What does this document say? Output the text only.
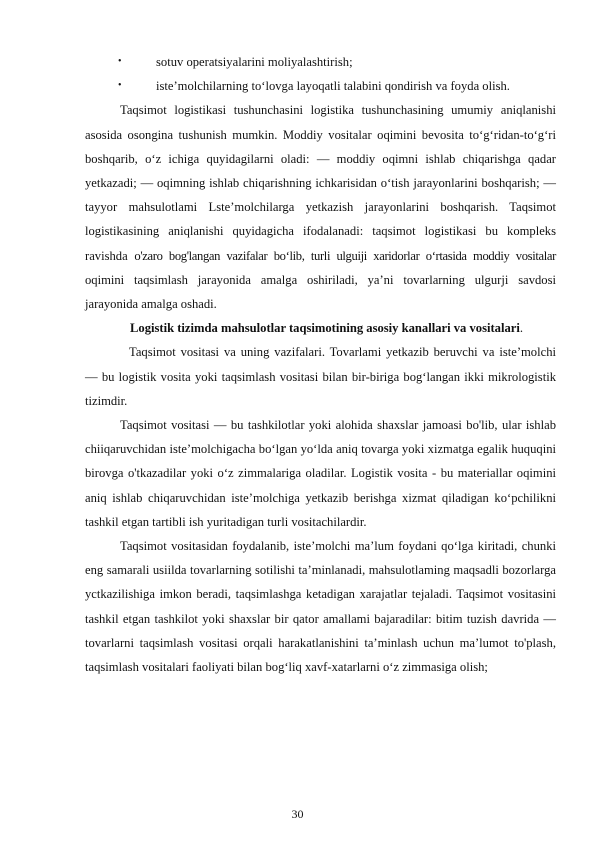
•	sotuv operatsiyalarini moliyalashtirish;
•	iste’molchilarning to‘lovga layoqatli talabini qondirish va foyda olish.

Taqsimot logistikasi tushunchasini logistika tushunchasining umumiy aniqlanishi asosida osongina tushunish mumkin. Moddiy vositalar oqimini bevosita to‘g‘ridan-to‘g‘ri boshqarib, o‘z ichiga quyidagilarni oladi: — moddiy oqimni ishlab chiqarishga qadar yetkazadi; — oqimning ishlab chiqarishning ichkarisidan o‘tish jarayonlarini boshqarish; — tayyor mahsulotlami Lste’molchilarga yetkazish jarayonlarini boshqarish. Taqsimot logistikasining aniqlanishi quyidagicha ifodalanadi: taqsimot logistikasi bu kompleks ravishda o'zaro bog'langan vazifalar bo‘lib, turli ulguiji xaridorlar o‘rtasida moddiy vositalar oqimini taqsimlash jarayonida amalga oshiriladi, ya’ni tovarlarning ulgurji savdosi jarayonida amalga oshadi.

Logistik tizimda mahsulotlar taqsimotining asosiy kanallari va vositalari.

Taqsimot vositasi va uning vazifalari. Tovarlami yetkazib beruvchi va iste’molchi — bu logistik vosita yoki taqsimlash vositasi bilan bir-biriga bog‘langan ikki mikrologistik tizimdir.

Taqsimot vositasi — bu tashkilotlar yoki alohida shaxslar jamoasi bo'lib, ular ishlab chiiqaruvchidan iste’molchigacha bo‘lgan yo‘lda aniq tovarga yoki xizmatga egalik huquqini birovga o'tkazadilar yoki o‘z zimmalariga oladilar. Logistik vosita - bu materiallar oqimini aniq ishlab chiqaruvchidan iste’molchiga yetkazib berishga xizmat qiladigan ko‘pchilikni tashkil etgan tartibli ish yuritadigan turli vositachilardir.

Taqsimot vositasidan foydalanib, iste’molchi ma’lum foydani qo‘lga kiritadi, chunki eng samarali usiilda tovarlarning sotilishi ta’minlanadi, mahsulotlaming maqsadli bozorlarga yctkazilishiga imkon beradi, taqsimlashga ketadigan xarajatlar tejaladi. Taqsimot vositasini tashkil etgan tashkilot yoki shaxslar bir qator amallami bajaradilar: bitim tuzish davrida — tovarlarni taqsimlash vositasi orqali harakatlanishini ta’minlash uchun ma’lumot to'plash, taqsimlash vositalari faoliyati bilan bog‘liq xavf-xatarlarni o‘z zimmasiga olish;

30
